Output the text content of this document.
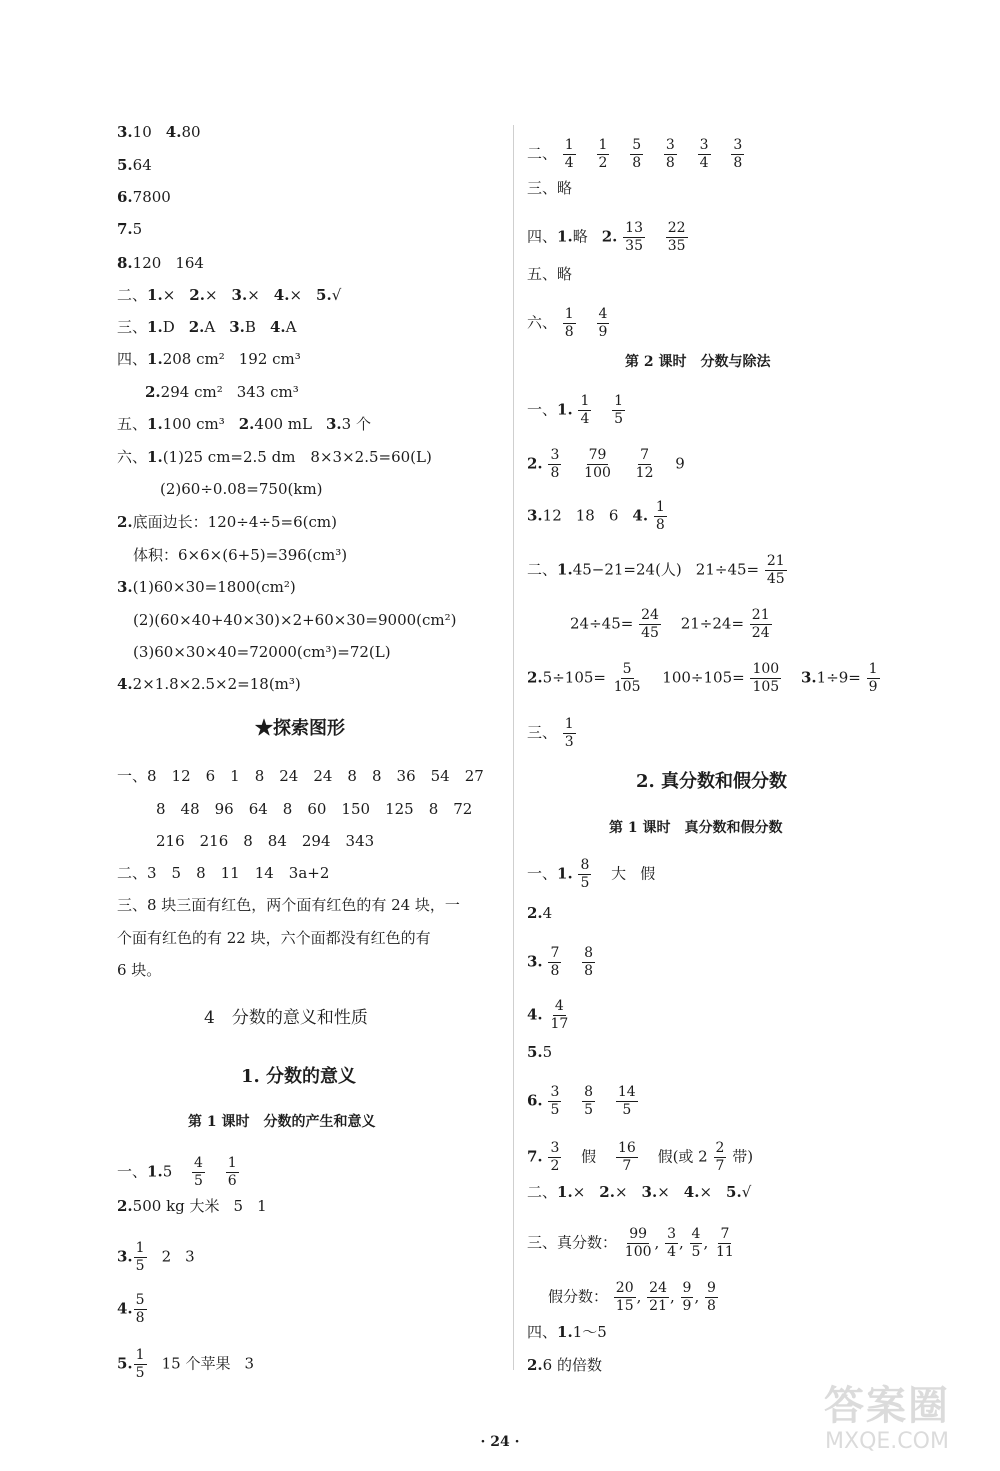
3.10 4.80
5.64
6.7800
7.5
8.120 164
二、1.× 2.× 3.× 4.× 5.√
三、1.D 2.A 3.B 4.A
四、1.208 cm² 192 cm³
2.294 cm² 343 cm³
五、1.100 cm³ 2.400 mL 3.3 个
六、1.(1)25 cm=2.5 dm　8×3×2.5=60(L)
(2)60÷0.08=750(km)
2.底面边长：120÷4÷5=6(cm)
体积：6×6×(6+5)=396(cm³)
3.(1)60×30=1800(cm²)
(2)(60×40+40×30)×2+60×30=9000(cm²)
(3)60×30×40=72000(cm³)=72(L)
4.2×1.8×2.5×2=18(m³)
★探索图形
一、8　12　6　1　8　24　24　8　8　36　54　27
8　48　96　64　8　60　150　125　8　72
216　216　8　84　294　343
二、3　5　8　11　14　3a+2
三、8 块三面有红色，两个面有红色的有 24 块，一
个面有红色的有 22 块，六个面都没有红色的有
6 块。
4　分数的意义和性质
1. 分数的意义
第 1 课时　分数的产生和意义
一、$1.5 \frac{4}{5}$
$\frac{1}{6}$
2.500 kg 大米 5 1
3. $\frac{1}{5} 2$ 3
4. $\frac{5}{8}$
5. $\frac{1}{5} 15$ 个苹果 3
二、 $\frac{1}{4}$
$\frac{1}{2}$
$\frac{5}{8}$
$\frac{3}{8}$
$\frac{3}{4}$
$\frac{3}{8}$
三、略
四、1.略 2. $\frac{13}{35}$
$\frac{22}{35}$
五、略
六、 $\frac{1}{8}$
$\frac{4}{9}$
第 2 课时　分数与除法
一、1. $\frac{1}{4}$
$\frac{1}{5}$
2. $\frac{3}{8}$
$\frac{79}{100}$
$\frac{7}{12} 9$
3.12 18 6 4. $\frac{1}{8}$
二、1.45−21=24(人) $21\div 45= \frac{21}{45}$
$24\div 45= \frac{24}{45} 21\div 24= \frac{21}{24}$
$2.5\div 105= \frac{5}{105} 100\div 105= \frac{100}{105} 3.1\div 9= \frac{1}{9}$
三、 $\frac{1}{3}$
2. 真分数和假分数
第 1 课时　真分数和假分数
一、1. $\frac{8}{5}$ 大 假
2.4
3. $\frac{7}{8}$
$\frac{8}{8}$
4. $\frac{4}{17}$
5.5
6. $\frac{3}{5}$
$\frac{8}{5}$
$\frac{14}{5}$
7. $\frac{3}{2}$ 假 $\frac{16}{7}$ 假(或 $2 \frac{2}{7}$ 带)
二、1.× 2.× 3.× 4.× 5.√
三、真分数： $\frac{99}{100}$ , $\frac{3}{4}$ , $\frac{4}{5}$ , $\frac{7}{11}$
假分数： $\frac{20}{15}$ , $\frac{24}{21}$ , $\frac{9}{9}$ , $\frac{9}{8}$
四、1.1～5
2.6 的倍数
· 24 ·
答案圈
MXQE.COM
